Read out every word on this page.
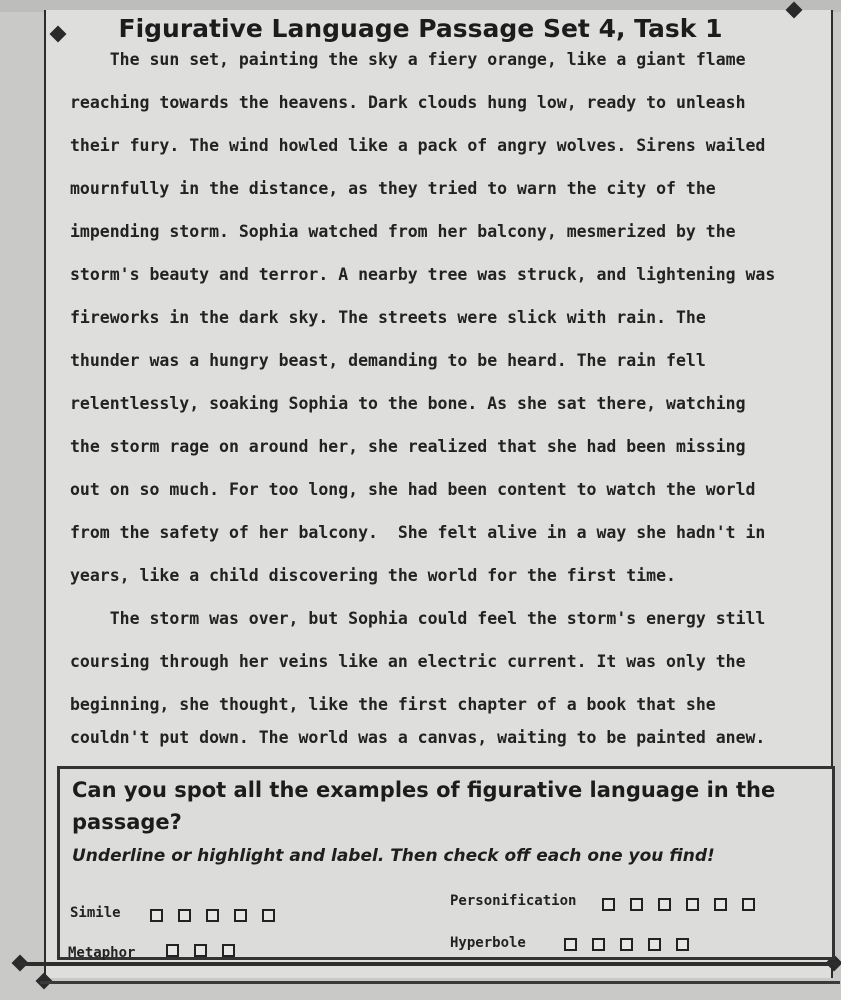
Figurative Language Passage Set 4, Task 1
The sun set, painting the sky a fiery orange, like a giant flame
reaching towards the heavens. Dark clouds hung low, ready to unleash
their fury. The wind howled like a pack of angry wolves. Sirens wailed
mournfully in the distance, as they tried to warn the city of the
impending storm. Sophia watched from her balcony, mesmerized by the
storm's beauty and terror. A nearby tree was struck, and lightening was
fireworks in the dark sky. The streets were slick with rain. The
thunder was a hungry beast, demanding to be heard. The rain fell
relentlessly, soaking Sophia to the bone. As she sat there, watching
the storm rage on around her, she realized that she had been missing
out on so much. For too long, she had been content to watch the world
from the safety of her balcony.  She felt alive in a way she hadn't in
years, like a child discovering the world for the first time.
The storm was over, but Sophia could feel the storm's energy still
coursing through her veins like an electric current. It was only the
beginning, she thought, like the first chapter of a book that she
couldn't put down. The world was a canvas, waiting to be painted anew.
Can you spot all the examples of figurative language in the passage?
Underline or highlight and label. Then check off each one you find!
Simile
Personification
Metaphor
Hyperbole
